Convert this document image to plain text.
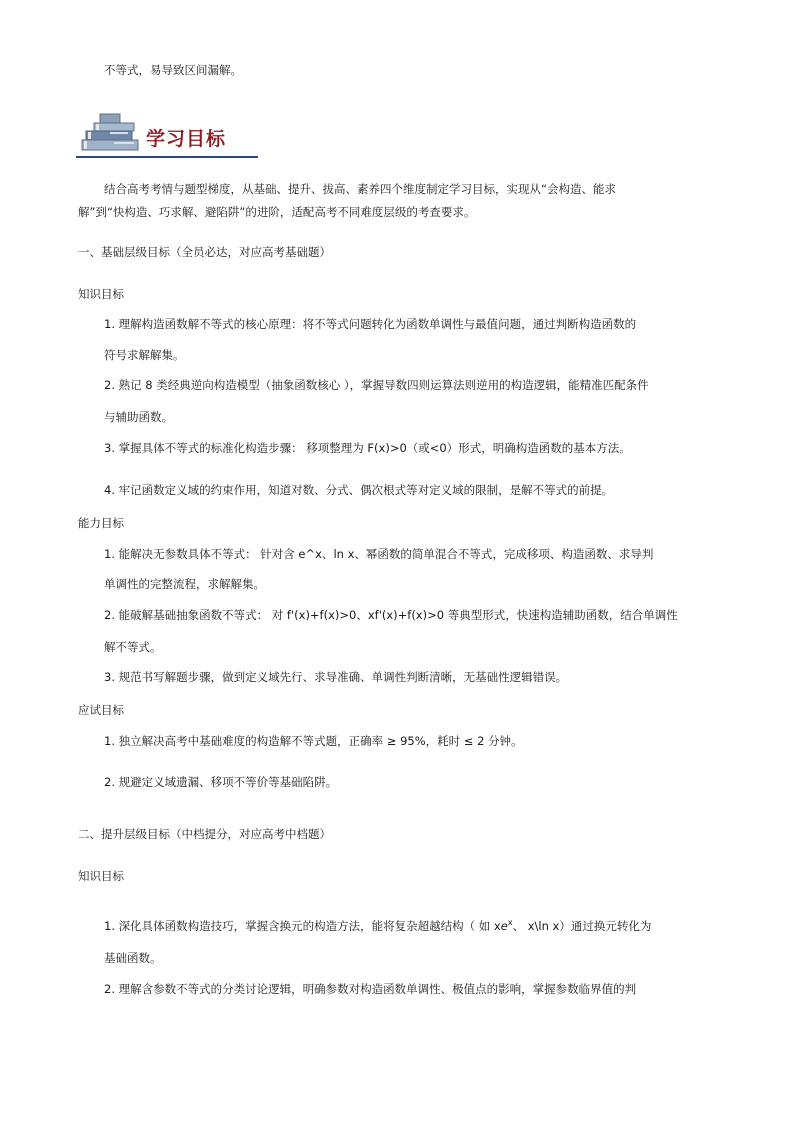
不等式，易导致区间漏解。
学习目标
结合高考考情与题型梯度，从基础、提升、拔高、素养四个维度制定学习目标，实现从“会构造、能求
解”到“快构造、巧求解、避陷阱”的进阶，适配高考不同难度层级的考查要求。
一、基础层级目标（全员必达，对应高考基础题）
知识目标
1. 理解构造函数解不等式的核心原理：将不等式问题转化为函数单调性与最值问题，通过判断构造函数的
符号求解解集。
2. 熟记 8 类经典逆向构造模型（抽象函数核心 ），掌握导数四则运算法则逆用的构造逻辑，能精准匹配条件
与辅助函数。
3. 掌握具体不等式的标准化构造步骤： 移项整理为 F(x)>0（或<0）形式，明确构造函数的基本方法。
4. 牢记函数定义域的约束作用，知道对数、分式、偶次根式等对定义域的限制，是解不等式的前提。
能力目标
1. 能解决无参数具体不等式： 针对含 e^x、ln x、幂函数的简单混合不等式，完成移项、构造函数、求导判
单调性的完整流程，求解解集。
2. 能破解基础抽象函数不等式： 对 f'(x)+f(x)>0、xf'(x)+f(x)>0 等典型形式，快速构造辅助函数，结合单调性
解不等式。
3. 规范书写解题步骤，做到定义域先行、求导准确、单调性判断清晰，无基础性逻辑错误。
应试目标
1. 独立解决高考中基础难度的构造解不等式题，正确率 ≥ 95%，耗时 ≤ 2 分钟。
2. 规避定义域遗漏、移项不等价等基础陷阱。
二、提升层级目标（中档提分，对应高考中档题）
知识目标
1. 深化具体函数构造技巧，掌握含换元的构造方法，能将复杂超越结构（ 如 $xe^x$、 x\ln x）通过换元转化为
基础函数。
2. 理解含参数不等式的分类讨论逻辑，明确参数对构造函数单调性、极值点的影响，掌握参数临界值的判
